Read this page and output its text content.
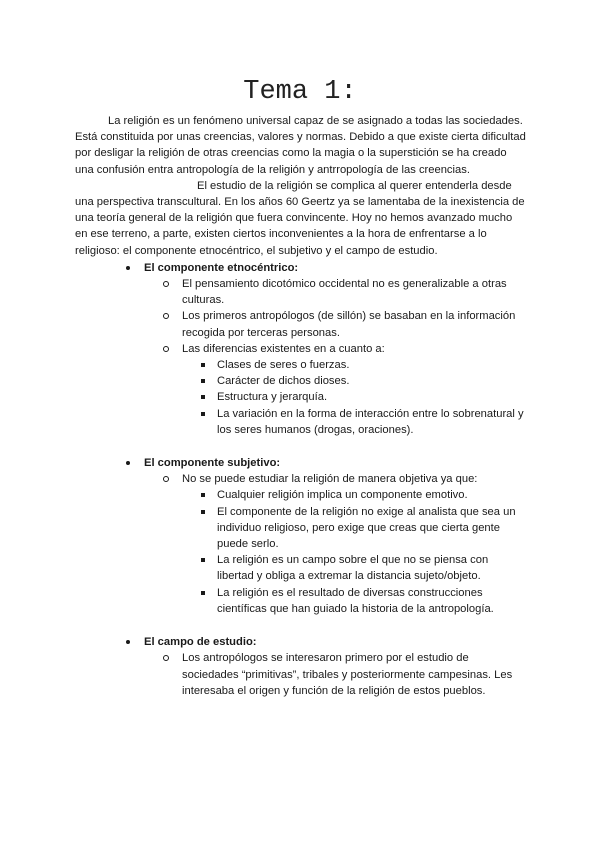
Tema 1:

La religión es un fenómeno universal capaz de se asignado a todas las sociedades. Está constituida por unas creencias, valores y normas. Debido a que existe cierta dificultad por desligar la religión de otras creencias como la magia o la superstición se ha creado una confusión entra antropología de la religión y antrropología de las creencias.

El estudio de la religión se complica al querer entenderla desde una perspectiva transcultural. En los años 60 Geertz ya se lamentaba de la inexistencia de una teoría general de la religión que fuera convincente. Hoy no hemos avanzado mucho en ese terreno, a parte, existen ciertos inconvenientes a la hora de enfrentarse a lo religioso: el componente etnocéntrico, el subjetivo y el campo de estudio.

El componente etnocéntrico:
El pensamiento dicotómico occidental no es generalizable a otras culturas.
Los primeros antropólogos (de sillón) se basaban en la información recogida por terceras personas.
Las diferencias existentes en a cuanto a:
Clases de seres o fuerzas.
Carácter de dichos dioses.
Estructura y jerarquía.
La variación en la forma de interacción entre lo sobrenatural y los seres humanos (drogas, oraciones).
El componente subjetivo:
No se puede estudiar la religión de manera objetiva ya que:
Cualquier religión implica un componente emotivo.
El componente de la religión no exige al analista que sea un individuo religioso, pero exige que creas que cierta gente puede serlo.
La religión es un campo sobre el que no se piensa con libertad y obliga a extremar la distancia sujeto/objeto.
La religión es el resultado de diversas construcciones científicas que han guiado la historia de la antropología.
El campo de estudio:
Los antropólogos se interesaron primero por el estudio de sociedades “primitivas”, tribales y posteriormente campesinas. Les interesaba el origen y función de la religión de estos pueblos.
